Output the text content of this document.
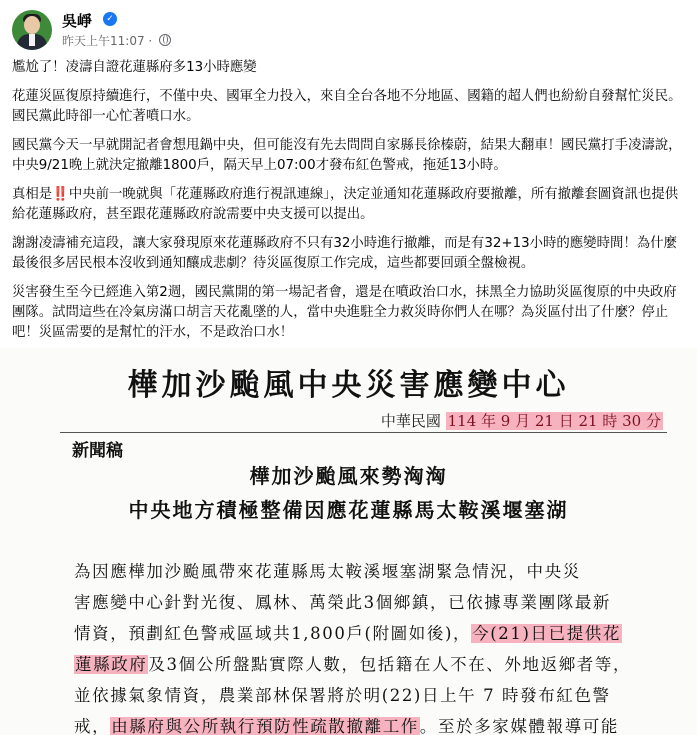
吳崢	✓
昨天上午11:07 ·

尷尬了！凌濤自證花蓮縣府多13小時應變

花蓮災區復原持續進行，不僅中央、國軍全力投入，來自全台各地不分地區、國籍的超人們也紛紛自發幫忙災民。國民黨此時卻一心忙著噴口水。

國民黨今天一早就開記者會想甩鍋中央，但可能沒有先去問問自家縣長徐榛蔚，結果大翻車！國民黨打手凌濤說，中央9/21晚上就決定撤離1800戶，隔天早上07:00才發布紅色警戒，拖延13小時。

真相是‼️中央前一晚就與「花蓮縣政府進行視訊連線」，決定並通知花蓮縣政府要撤離，所有撤離套圖資訊也提供給花蓮縣政府，甚至跟花蓮縣政府說需要中央支援可以提出。

謝謝凌濤補充這段，讓大家發現原來花蓮縣政府不只有32小時進行撤離，而是有32+13小時的應變時間！為什麼最後很多居民根本沒收到通知釀成悲劇？待災區復原工作完成，這些都要回頭全盤檢視。

災害發生至今已經進入第2週，國民黨開的第一場記者會，還是在噴政治口水，抹黑全力協助災區復原的中央政府團隊。試問這些在冷氣房滿口胡言天花亂墜的人，當中央進駐全力救災時你們人在哪？為災區付出了什麼？停止吧！災區需要的是幫忙的汗水，不是政治口水！

樺加沙颱風中央災害應變中心
中華民國 114 年 9 月 21 日 21 時 30 分
新聞稿
樺加沙颱風來勢洶洶
中央地方積極整備因應花蓮縣馬太鞍溪堰塞湖
為因應樺加沙颱風帶來花蓮縣馬太鞍溪堰塞湖緊急情況，中央災
害應變中心針對光復、鳳林、萬榮此3個鄉鎮，已依據專業團隊最新
情資，預劃紅色警戒區域共1,800戶(附圖如後)，今(21)日已提供花
蓮縣政府及3個公所盤點實際人數，包括籍在人不在、外地返鄉者等，
並依據氣象情資，農業部林保署將於明(22)日上午 7 時發布紅色警
戒，由縣府與公所執行預防性疏散撤離工作。至於多家媒體報導可能
